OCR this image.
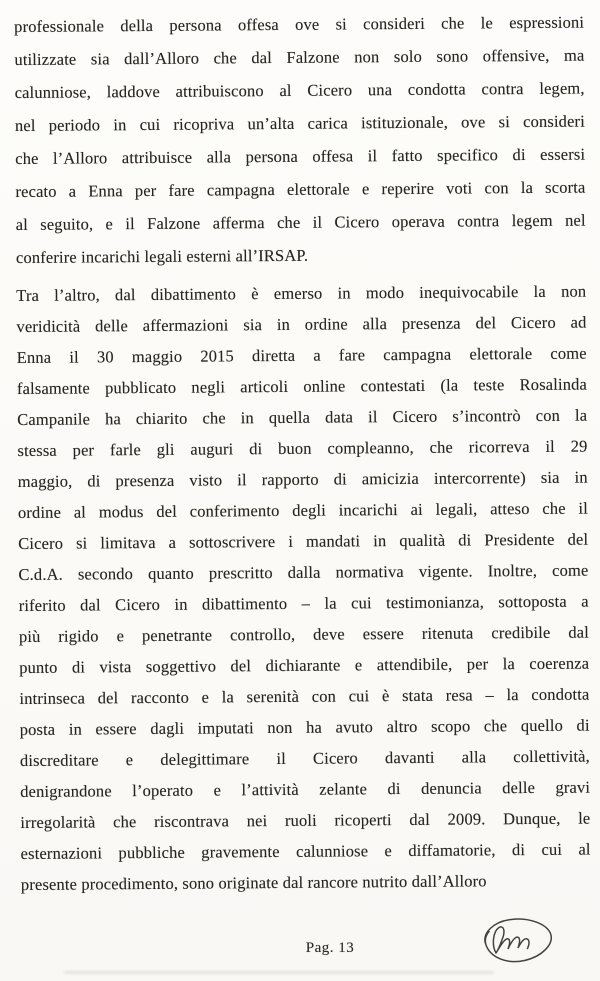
professionale della persona offesa ove si consideri che le espressioni
utilizzate sia dall’Alloro che dal Falzone non solo sono offensive, ma
calunniose, laddove attribuiscono al Cicero una condotta contra legem,
nel periodo in cui ricopriva un’alta carica istituzionale, ove si consideri
che l’Alloro attribuisce alla persona offesa il fatto specifico di essersi
recato a Enna per fare campagna elettorale e reperire voti con la scorta
al seguito, e il Falzone afferma che il Cicero operava contra legem nel
conferire incarichi legali esterni all’IRSAP.
Tra l’altro, dal dibattimento è emerso in modo inequivocabile la non
veridicità delle affermazioni sia in ordine alla presenza del Cicero ad
Enna il 30 maggio 2015 diretta a fare campagna elettorale come
falsamente pubblicato negli articoli online contestati (la teste Rosalinda
Campanile ha chiarito che in quella data il Cicero s’incontrò con la
stessa per farle gli auguri di buon compleanno, che ricorreva il 29
maggio, di presenza visto il rapporto di amicizia intercorrente) sia in
ordine al modus del conferimento degli incarichi ai legali, atteso che il
Cicero si limitava a sottoscrivere i mandati in qualità di Presidente del
C.d.A. secondo quanto prescritto dalla normativa vigente. Inoltre, come
riferito dal Cicero in dibattimento – la cui testimonianza, sottoposta a
più rigido e penetrante controllo, deve essere ritenuta credibile dal
punto di vista soggettivo del dichiarante e attendibile, per la coerenza
intrinseca del racconto e la serenità con cui è stata resa – la condotta
posta in essere dagli imputati non ha avuto altro scopo che quello di
discreditare e delegittimare il Cicero davanti alla collettività,
denigrandone l’operato e l’attività zelante di denuncia delle gravi
irregolarità che riscontrava nei ruoli ricoperti dal 2009. Dunque, le
esternazioni pubbliche gravemente calunniose e diffamatorie, di cui al
presente procedimento, sono originate dal rancore nutrito dall’Alloro
Pag. 13
